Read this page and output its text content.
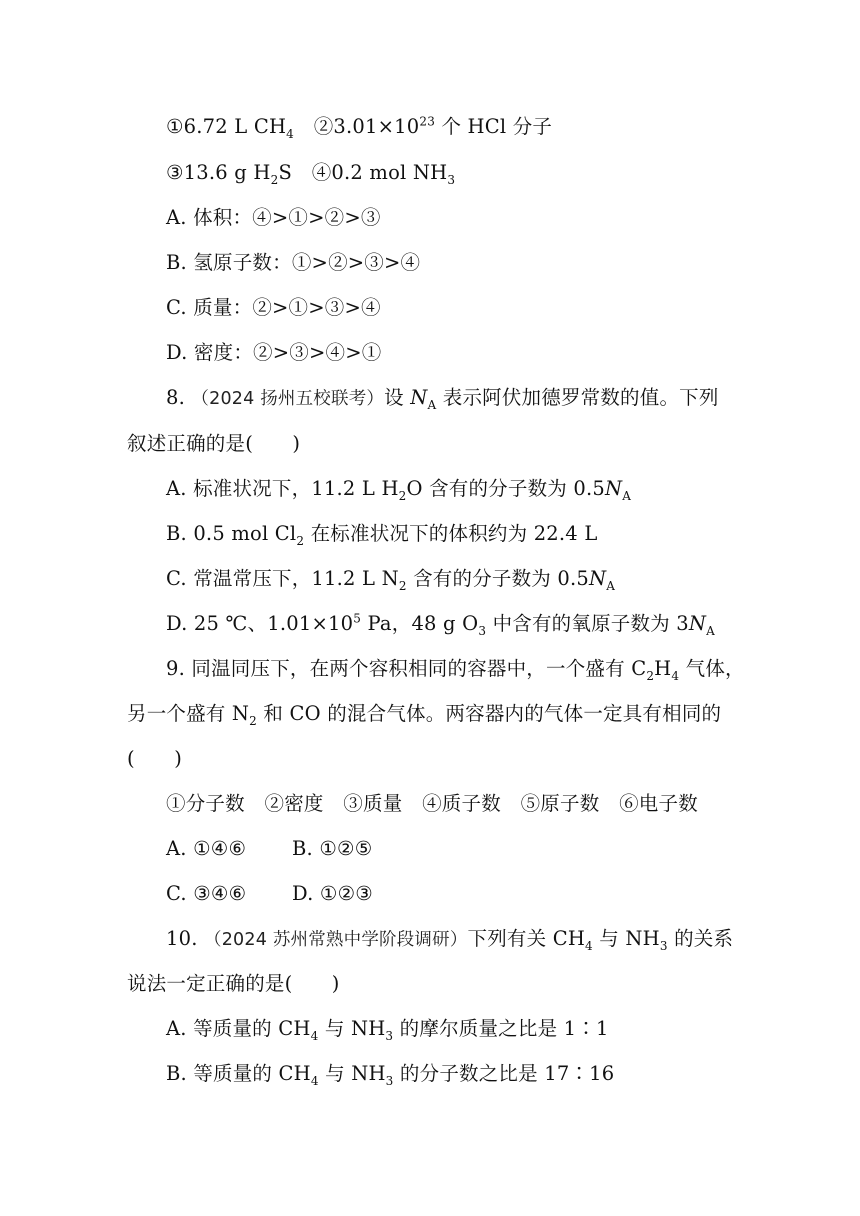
①6.72 L $CH_4$　$②3.01\times 10^{23}$ 个 HCl 分子
③13.6 g $H_2S$　④0.2 mol $NH_3$
A. 体积：④>①>②>③
B. 氢原子数：①>②>③>④
C. 质量：②>①>③>④
D. 密度：②>③>④>①
8. （2024 扬州五校联考）设 $N_A$ 表示阿伏加德罗常数的值。下列
叙述正确的是(　　)
A. 标准状况下，11.2 L $H_2O$ 含有的分子数为 $0.5N_A$
B. 0.5 mol $Cl_2$ 在标准状况下的体积约为 22.4 L
C. 常温常压下，11.2 L $N_2$ 含有的分子数为 $0.5N_A$
D. 25 ℃、$1.01\times 10^5$ Pa，48 g $O_3$ 中含有的氧原子数为 $3N_A$
9. 同温同压下，在两个容积相同的容器中，一个盛有 $C_2H_4$ 气体，
另一个盛有 $N_2$ 和 CO 的混合气体。两容器内的气体一定具有相同的
(　　)
①分子数　②密度　③质量　④质子数　⑤原子数　⑥电子数
A. ①④⑥ B. ①②⑤
C. ③④⑥ D. ①②③
10. （2024 苏州常熟中学阶段调研）下列有关 $CH_4$ 与 $NH_3$ 的关系
说法一定正确的是(　　)
A. 等质量的 $CH_4$ 与 $NH_3$ 的摩尔质量之比是 1∶1
B. 等质量的 $CH_4$ 与 $NH_3$ 的分子数之比是 17∶16
